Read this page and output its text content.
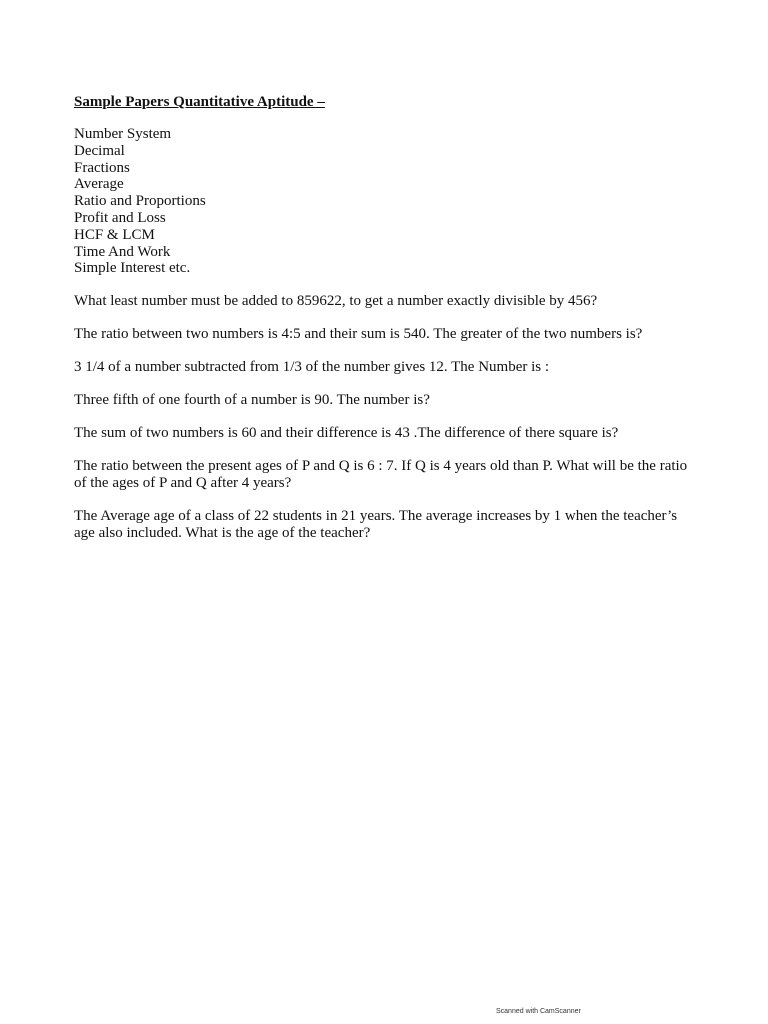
Sample Papers Quantitative Aptitude –
Number System
Decimal
Fractions
Average
Ratio and Proportions
Profit and Loss
HCF & LCM
Time And Work
Simple Interest etc.

What least number must be added to 859622, to get a number exactly divisible by 456?

The ratio between two numbers is 4:5 and their sum is 540. The greater of the two numbers is?

3 1/4 of a number subtracted from 1/3 of the number gives 12. The Number is :

Three fifth of one fourth of a number is 90. The number is?

The sum of two numbers is 60 and their difference is 43 .The difference of there square is?

The ratio between the present ages of P and Q is 6 : 7. If Q is 4 years old than P. What will be the ratio of the ages of P and Q after 4 years?

The Average age of a class of 22 students in 21 years. The average increases by 1 when the teacher’s age also included. What is the age of the teacher?

Scanned with CamScanner
